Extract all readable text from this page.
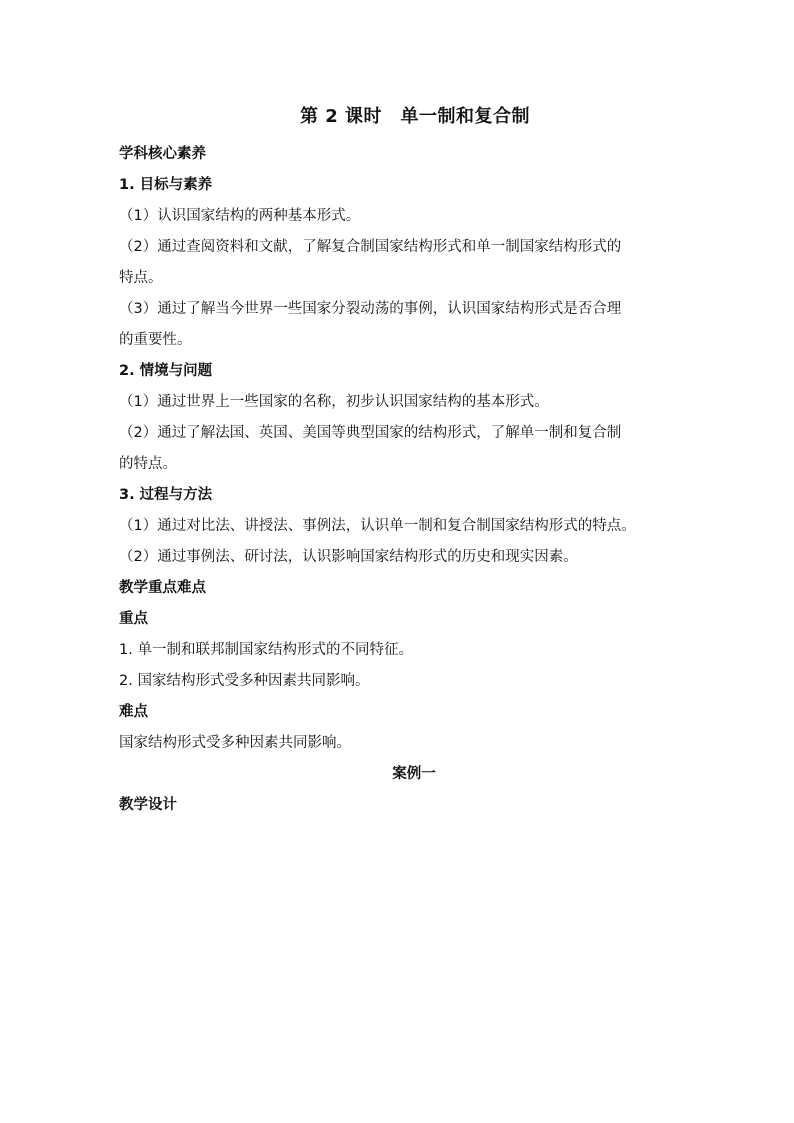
第 2 课时　单一制和复合制
学科核心素养
1. 目标与素养
（1）认识国家结构的两种基本形式。
（2）通过查阅资料和文献，了解复合制国家结构形式和单一制国家结构形式的
特点。
（3）通过了解当今世界一些国家分裂动荡的事例，认识国家结构形式是否合理
的重要性。
2. 情境与问题
（1）通过世界上一些国家的名称，初步认识国家结构的基本形式。
（2）通过了解法国、英国、美国等典型国家的结构形式，了解单一制和复合制
的特点。
3. 过程与方法
（1）通过对比法、讲授法、事例法，认识单一制和复合制国家结构形式的特点。
（2）通过事例法、研讨法，认识影响国家结构形式的历史和现实因素。
教学重点难点
重点
1. 单一制和联邦制国家结构形式的不同特征。
2. 国家结构形式受多种因素共同影响。
难点
国家结构形式受多种因素共同影响。
案例一
教学设计
